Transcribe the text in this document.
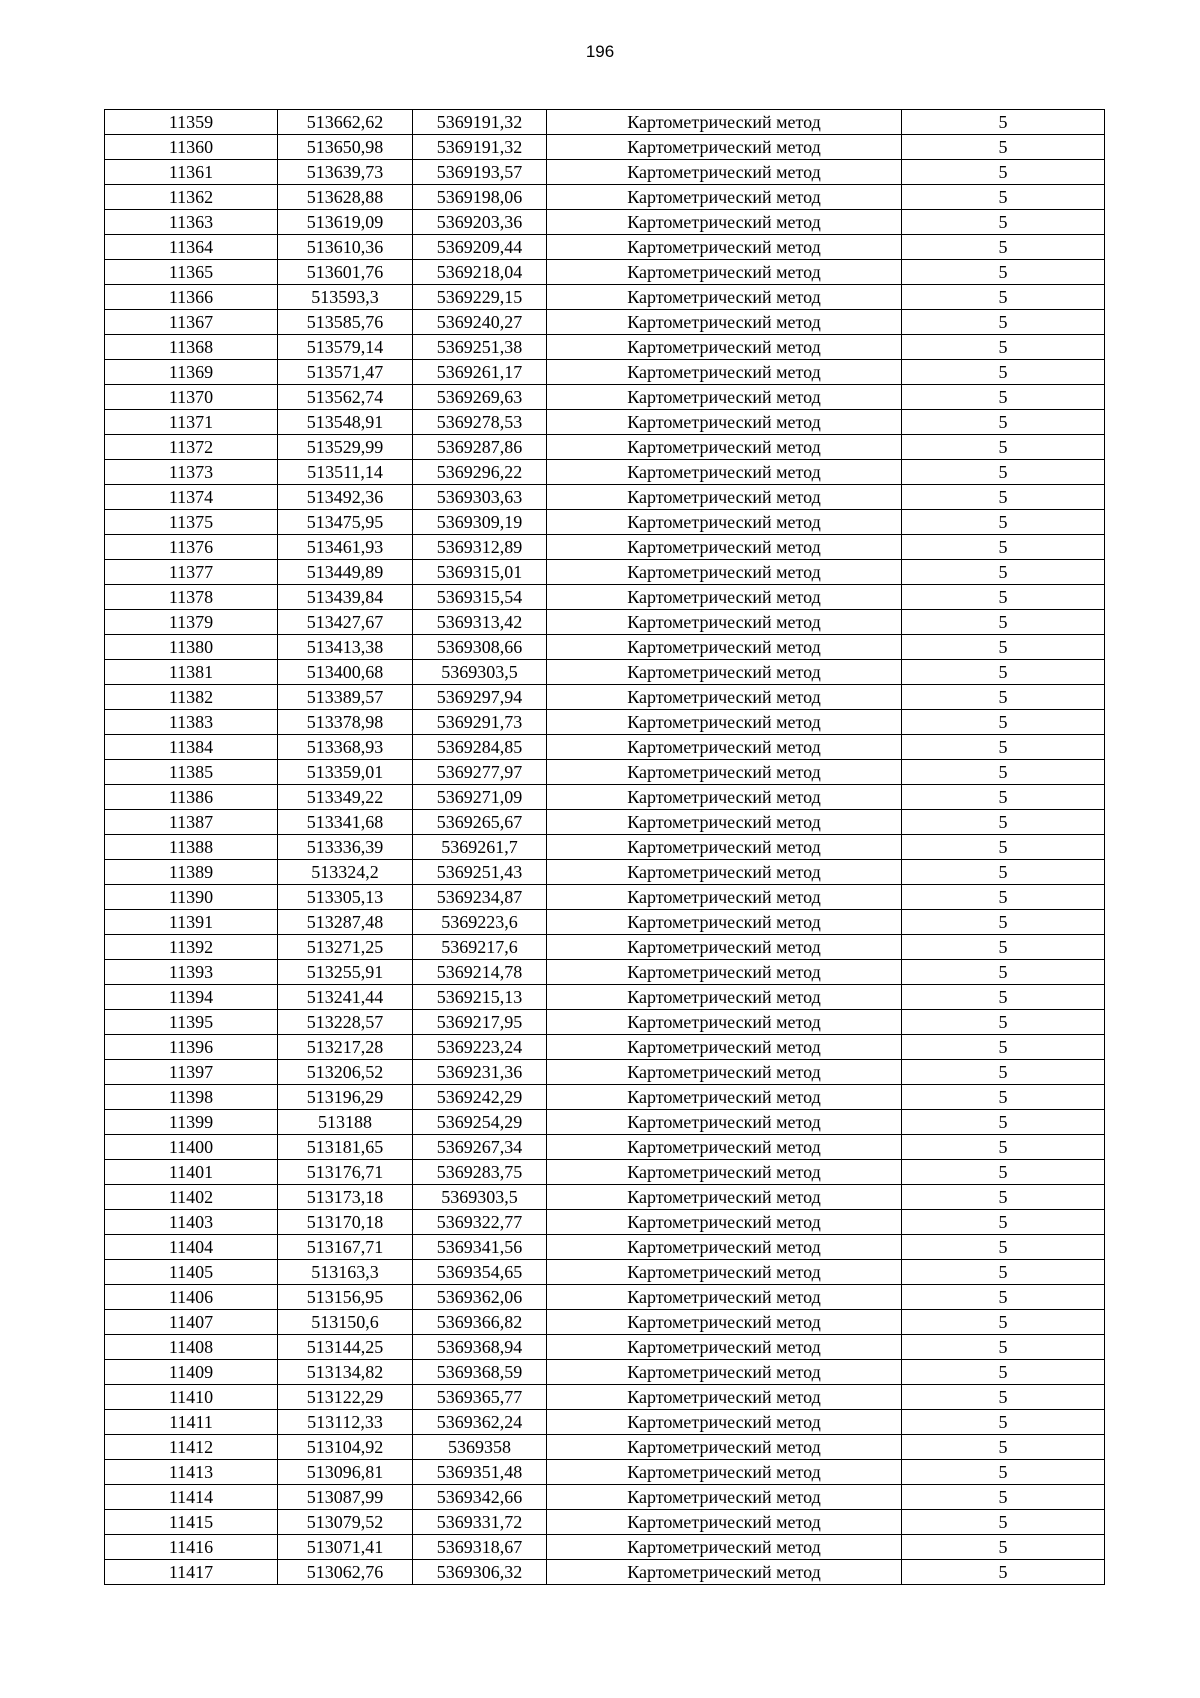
196
11359	513662,62	5369191,32	Картометрический метод	5
11360	513650,98	5369191,32	Картометрический метод	5
11361	513639,73	5369193,57	Картометрический метод	5
11362	513628,88	5369198,06	Картометрический метод	5
11363	513619,09	5369203,36	Картометрический метод	5
11364	513610,36	5369209,44	Картометрический метод	5
11365	513601,76	5369218,04	Картометрический метод	5
11366	513593,3	5369229,15	Картометрический метод	5
11367	513585,76	5369240,27	Картометрический метод	5
11368	513579,14	5369251,38	Картометрический метод	5
11369	513571,47	5369261,17	Картометрический метод	5
11370	513562,74	5369269,63	Картометрический метод	5
11371	513548,91	5369278,53	Картометрический метод	5
11372	513529,99	5369287,86	Картометрический метод	5
11373	513511,14	5369296,22	Картометрический метод	5
11374	513492,36	5369303,63	Картометрический метод	5
11375	513475,95	5369309,19	Картометрический метод	5
11376	513461,93	5369312,89	Картометрический метод	5
11377	513449,89	5369315,01	Картометрический метод	5
11378	513439,84	5369315,54	Картометрический метод	5
11379	513427,67	5369313,42	Картометрический метод	5
11380	513413,38	5369308,66	Картометрический метод	5
11381	513400,68	5369303,5	Картометрический метод	5
11382	513389,57	5369297,94	Картометрический метод	5
11383	513378,98	5369291,73	Картометрический метод	5
11384	513368,93	5369284,85	Картометрический метод	5
11385	513359,01	5369277,97	Картометрический метод	5
11386	513349,22	5369271,09	Картометрический метод	5
11387	513341,68	5369265,67	Картометрический метод	5
11388	513336,39	5369261,7	Картометрический метод	5
11389	513324,2	5369251,43	Картометрический метод	5
11390	513305,13	5369234,87	Картометрический метод	5
11391	513287,48	5369223,6	Картометрический метод	5
11392	513271,25	5369217,6	Картометрический метод	5
11393	513255,91	5369214,78	Картометрический метод	5
11394	513241,44	5369215,13	Картометрический метод	5
11395	513228,57	5369217,95	Картометрический метод	5
11396	513217,28	5369223,24	Картометрический метод	5
11397	513206,52	5369231,36	Картометрический метод	5
11398	513196,29	5369242,29	Картометрический метод	5
11399	513188	5369254,29	Картометрический метод	5
11400	513181,65	5369267,34	Картометрический метод	5
11401	513176,71	5369283,75	Картометрический метод	5
11402	513173,18	5369303,5	Картометрический метод	5
11403	513170,18	5369322,77	Картометрический метод	5
11404	513167,71	5369341,56	Картометрический метод	5
11405	513163,3	5369354,65	Картометрический метод	5
11406	513156,95	5369362,06	Картометрический метод	5
11407	513150,6	5369366,82	Картометрический метод	5
11408	513144,25	5369368,94	Картометрический метод	5
11409	513134,82	5369368,59	Картометрический метод	5
11410	513122,29	5369365,77	Картометрический метод	5
11411	513112,33	5369362,24	Картометрический метод	5
11412	513104,92	5369358	Картометрический метод	5
11413	513096,81	5369351,48	Картометрический метод	5
11414	513087,99	5369342,66	Картометрический метод	5
11415	513079,52	5369331,72	Картометрический метод	5
11416	513071,41	5369318,67	Картометрический метод	5
11417	513062,76	5369306,32	Картометрический метод	5
